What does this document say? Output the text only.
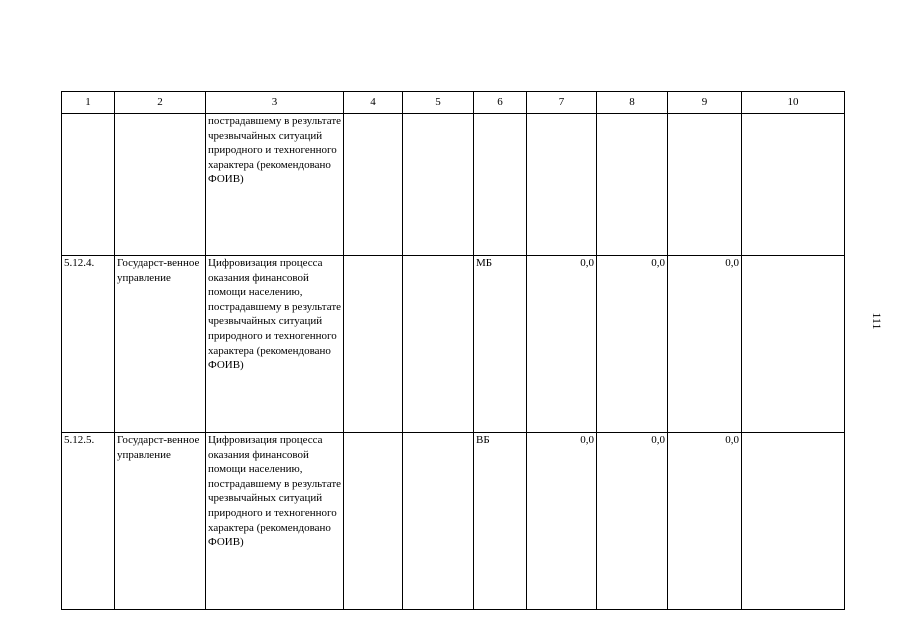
1	2	3	4	5	6	7	8	9	10
		пострадавшему в результате чрезвычайных ситуаций природного и техногенного характера (рекомендовано ФОИВ)							
5.12.4.	Государст-венное управление	Цифровизация процесса оказания финансовой помощи населению, пострадавшему в результате чрезвычайных ситуаций природного и техногенного характера (рекомендовано ФОИВ)			МБ	0,0	0,0	0,0	
5.12.5.	Государст-венное управление	Цифровизация процесса оказания финансовой помощи населению, пострадавшему в результате чрезвычайных ситуаций природного и техногенного характера (рекомендовано ФОИВ)			ВБ	0,0	0,0	0,0	
111
